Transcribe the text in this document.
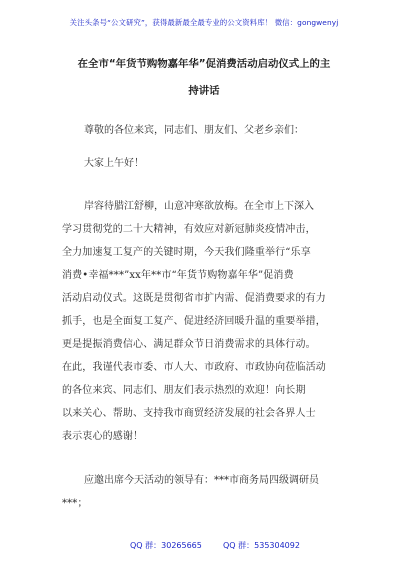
关注头条号“公文研究”，获得最新最全最专业的公文资料库！ 微信：gongwenyj
在全市“年货节购物嘉年华”促消费活动启动仪式上的主
持讲话
尊敬的各位来宾，同志们、朋友们、父老乡亲们：
大家上午好！
岸容待腊江舒柳，山意冲寒欲放梅。在全市上下深入
学习贯彻党的二十大精神，有效应对新冠肺炎疫情冲击，
全力加速复工复产的关键时期，今天我们隆重举行“乐享
消费•幸福***”xx年**市“年货节购物嘉年华”促消费
活动启动仪式。这既是贯彻省市扩内需、促消费要求的有力
抓手，也是全面复工复产、促进经济回暖升温的重要举措，
更是提振消费信心、满足群众节日消费需求的具体行动。
在此，我谨代表市委、市人大、市政府、市政协向莅临活动
的各位来宾、同志们、朋友们表示热烈的欢迎！向长期
以来关心、帮助、支持我市商贸经济发展的社会各界人士
表示衷心的感谢！
应邀出席今天活动的领导有：***市商务局四级调研员
***；
QQ 群：30265665	QQ 群：535304092
